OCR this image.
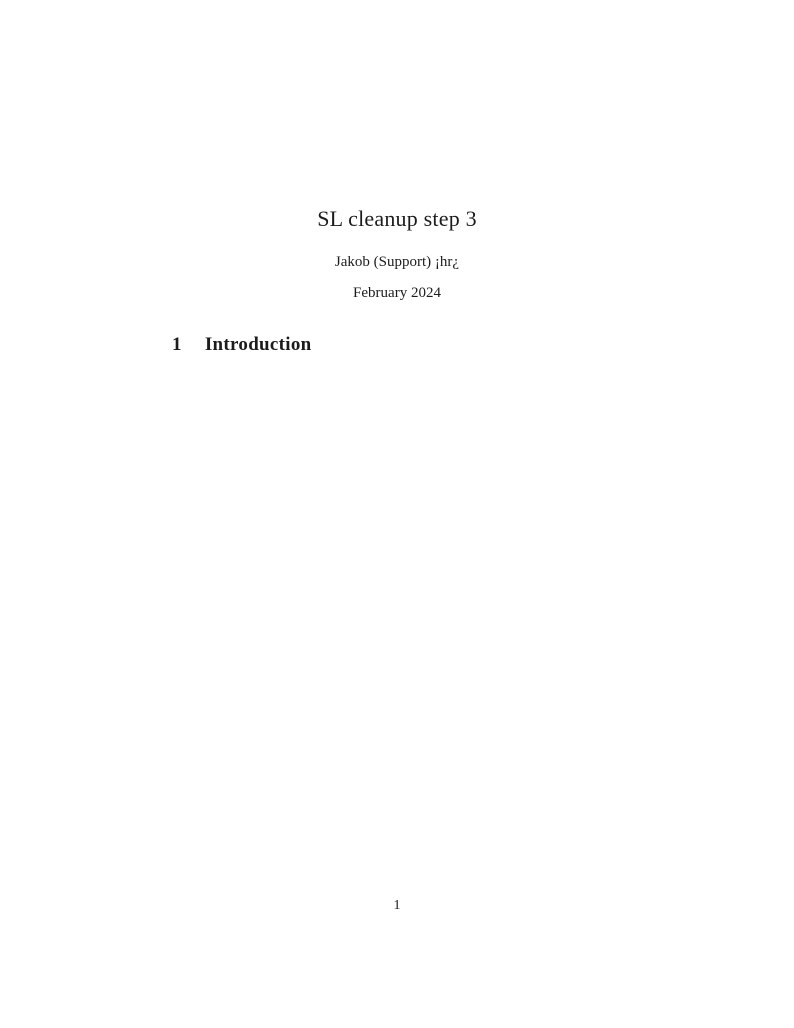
SL cleanup step 3
Jakob (Support) ¡hr¿
February 2024
1 Introduction
1
